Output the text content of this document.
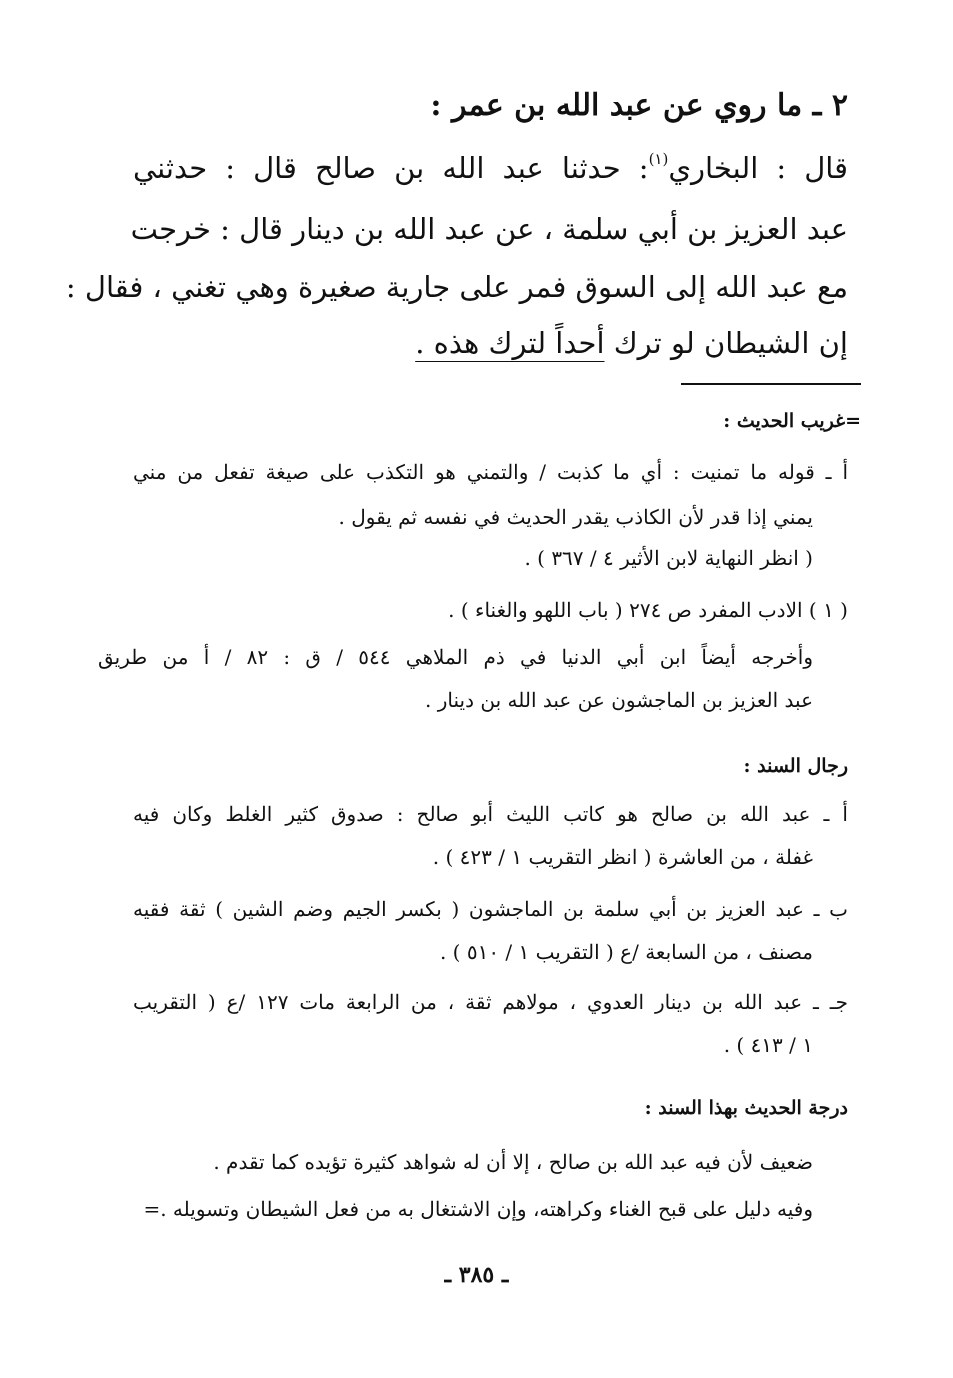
٢ ـ ما روي عن عبد الله بن عمر :
قال : البخاري$^{(١)}$: حدثنا عبد الله بن صالح قال : حدثني
عبد العزيز بن أبي سلمة ، عن عبد الله بن دينار قال : خرجت
مع عبد الله إلى السوق فمر على جارية صغيرة وهي تغني ، فقال :
إن الشيطان لو ترك أحداً لترك هذه .
=غريب الحديث :
أ ـ قوله ما تمنيت : أي ما كذبت / والتمني هو التكذب على صيغة تفعل من مني
يمني إذا قدر لأن الكاذب يقدر الحديث في نفسه ثم يقول .
( انظر النهاية لابن الأثير ٤ / ٣٦٧ ) .
( ١ ) الادب المفرد ص ٢٧٤ ( باب اللهو والغناء ) .
وأخرجه أيضاً ابن أبي الدنيا في ذم الملاهي ٥٤٤ / ق : ٨٢ / أ من طريق
عبد العزيز بن الماجشون عن عبد الله بن دينار .
رجال السند :
أ ـ عبد الله بن صالح هو كاتب الليث أبو صالح : صدوق كثير الغلط وكان فيه
غفلة ، من العاشرة ( انظر التقريب ١ / ٤٢٣ ) .
ب ـ عبد العزيز بن أبي سلمة بن الماجشون ( بكسر الجيم وضم الشين ) ثقة فقيه
مصنف ، من السابعة /ع ( التقريب ١ / ٥١٠ ) .
جـ ـ عبد الله بن دينار العدوي ، مولاهم ثقة ، من الرابعة مات ١٢٧ /ع ( التقريب
١ / ٤١٣ ) .
درجة الحديث بهذا السند :
ضعيف لأن فيه عبد الله بن صالح ، إلا أن له شواهد كثيرة تؤيده كما تقدم .
وفيه دليل على قبح الغناء وكراهته، وإن الاشتغال به من فعل الشيطان وتسويله .=
ـ ٣٨٥ ـ
